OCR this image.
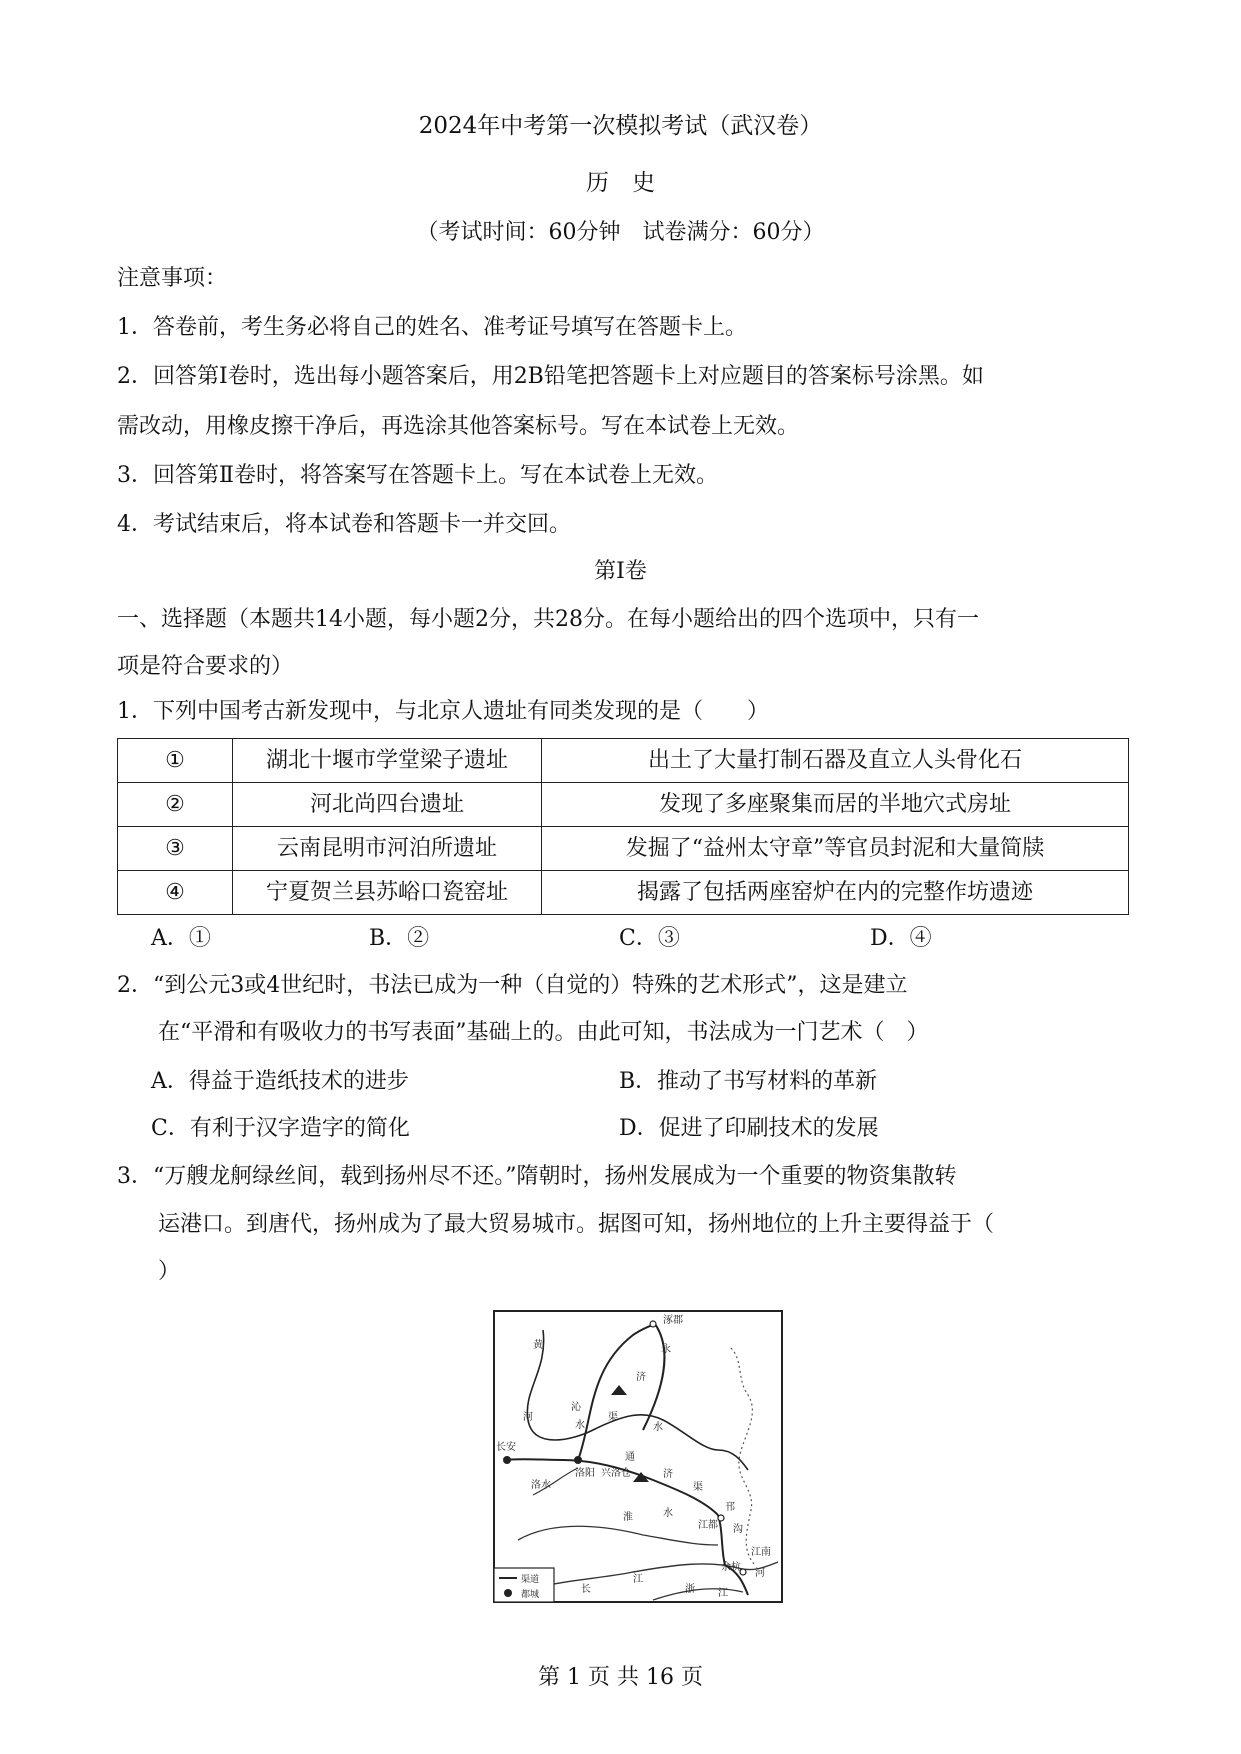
2024年中考第一次模拟考试（武汉卷）
历　史
（考试时间：60分钟　试卷满分：60分）
注意事项：
1．答卷前，考生务必将自己的姓名、准考证号填写在答题卡上。
2．回答第Ⅰ卷时，选出每小题答案后，用2B铅笔把答题卡上对应题目的答案标号涂黑。如
需改动，用橡皮擦干净后，再选涂其他答案标号。写在本试卷上无效。
3．回答第Ⅱ卷时，将答案写在答题卡上。写在本试卷上无效。
4．考试结束后，将本试卷和答题卡一并交回。
第Ⅰ卷
一、选择题（本题共14小题，每小题2分，共28分。在每小题给出的四个选项中，只有一
项是符合要求的）
1．下列中国考古新发现中，与北京人遗址有同类发现的是（　　）
①	湖北十堰市学堂梁子遗址	出土了大量打制石器及直立人头骨化石
②	河北尚四台遗址	发现了多座聚集而居的半地穴式房址
③	云南昆明市河泊所遗址	发掘了“益州太守章”等官员封泥和大量简牍
④	宁夏贺兰县苏峪口瓷窑址	揭露了包括两座窑炉在内的完整作坊遗迹
A．①	B．②	C．③	D．④
2．“到公元3或4世纪时，书法已成为一种（自觉的）特殊的艺术形式”，这是建立
在“平滑和有吸收力的书写表面”基础上的。由此可知，书法成为一门艺术（　）
A．得益于造纸技术的进步	B．推动了书写材料的革新
C．有利于汉字造字的简化	D．促进了印刷技术的发展
3．“万艘龙舸绿丝间，载到扬州尽不还。”隋朝时，扬州发展成为一个重要的物资集散转
运港口。到唐代，扬州成为了最大贸易城市。据图可知，扬州地位的上升主要得益于（
）
涿郡
黄
河
永
济
沁
水
渠
水
长安
洛阳 兴洛仓
通
济
渠
洛水
淮	水
邗
沟
江都
余杭
江南
河
长
江
浙 江
渠道
都城
第 1 页 共 16 页
